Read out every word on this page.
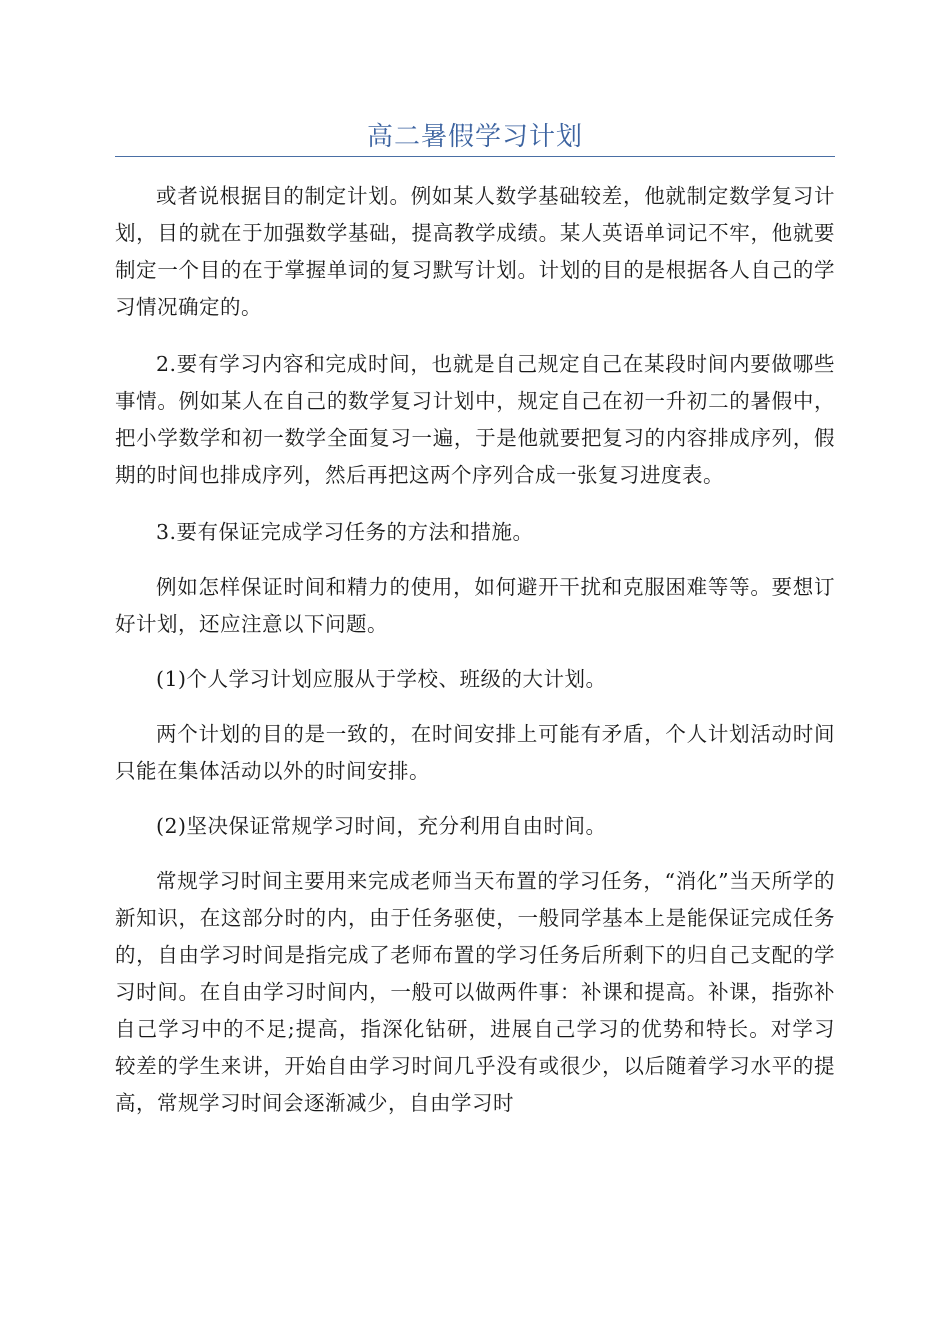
高二暑假学习计划

或者说根据目的制定计划。例如某人数学基础较差，他就制定数学复习计划，目的就在于加强数学基础，提高教学成绩。某人英语单词记不牢，他就要制定一个目的在于掌握单词的复习默写计划。计划的目的是根据各人自己的学习情况确定的。

2.要有学习内容和完成时间，也就是自己规定自己在某段时间内要做哪些事情。例如某人在自己的数学复习计划中，规定自己在初一升初二的暑假中，把小学数学和初一数学全面复习一遍，于是他就要把复习的内容排成序列，假期的时间也排成序列，然后再把这两个序列合成一张复习进度表。

3.要有保证完成学习任务的方法和措施。

例如怎样保证时间和精力的使用，如何避开干扰和克服困难等等。要想订好计划，还应注意以下问题。

(1)个人学习计划应服从于学校、班级的大计划。

两个计划的目的是一致的，在时间安排上可能有矛盾，个人计划活动时间只能在集体活动以外的时间安排。

(2)坚决保证常规学习时间，充分利用自由时间。

常规学习时间主要用来完成老师当天布置的学习任务，“消化”当天所学的新知识，在这部分时的内，由于任务驱使，一般同学基本上是能保证完成任务的，自由学习时间是指完成了老师布置的学习任务后所剩下的归自己支配的学习时间。在自由学习时间内，一般可以做两件事：补课和提高。补课，指弥补自己学习中的不足;提高，指深化钻研，进展自己学习的优势和特长。对学习较差的学生来讲，开始自由学习时间几乎没有或很少，以后随着学习水平的提高，常规学习时间会逐渐减少，自由学习时
